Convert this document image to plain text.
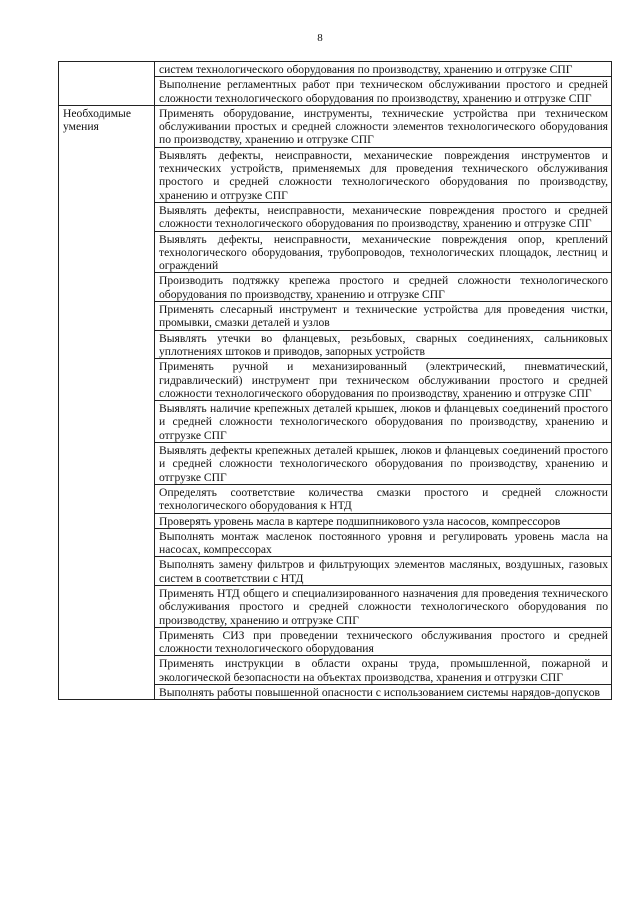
8
	систем технологического оборудования по производству, хранению и отгрузке СПГ
	Выполнение регламентных работ при техническом обслуживании простого и средней сложности технологического оборудования по производству, хранению и отгрузке СПГ
Необходимые умения	Применять оборудование, инструменты, технические устройства при техническом обслуживании простых и средней сложности элементов технологического оборудования по производству, хранению и отгрузке СПГ
	Выявлять дефекты, неисправности, механические повреждения инструментов и технических устройств, применяемых для проведения технического обслуживания простого и средней сложности технологического оборудования по производству, хранению и отгрузке СПГ
	Выявлять дефекты, неисправности, механические повреждения простого и средней сложности технологического оборудования по производству, хранению и отгрузке СПГ
	Выявлять дефекты, неисправности, механические повреждения опор, креплений технологического оборудования, трубопроводов, технологических площадок, лестниц и ограждений
	Производить подтяжку крепежа простого и средней сложности технологического оборудования по производству, хранению и отгрузке СПГ
	Применять слесарный инструмент и технические устройства для проведения чистки, промывки, смазки деталей и узлов
	Выявлять утечки во фланцевых, резьбовых, сварных соединениях, сальниковых уплотнениях штоков и приводов, запорных устройств
	Применять ручной и механизированный (электрический, пневматический, гидравлический) инструмент при техническом обслуживании простого и средней сложности технологического оборудования по производству, хранению и отгрузке СПГ
	Выявлять наличие крепежных деталей крышек, люков и фланцевых соединений простого и средней сложности технологического оборудования по производству, хранению и отгрузке СПГ
	Выявлять дефекты крепежных деталей крышек, люков и фланцевых соединений простого и средней сложности технологического оборудования по производству, хранению и отгрузке СПГ
	Определять соответствие количества смазки простого и средней сложности технологического оборудования к НТД
	Проверять уровень масла в картере подшипникового узла насосов, компрессоров
	Выполнять монтаж масленок постоянного уровня и регулировать уровень масла на насосах, компрессорах
	Выполнять замену фильтров и фильтрующих элементов масляных, воздушных, газовых систем в соответствии с НТД
	Применять НТД общего и специализированного назначения для проведения технического обслуживания простого и средней сложности технологического оборудования по производству, хранению и отгрузке СПГ
	Применять СИЗ при проведении технического обслуживания простого и средней сложности технологического оборудования
	Применять инструкции в области охраны труда, промышленной, пожарной и экологической безопасности на объектах производства, хранения и отгрузки СПГ
	Выполнять работы повышенной опасности с использованием системы нарядов-допусков
